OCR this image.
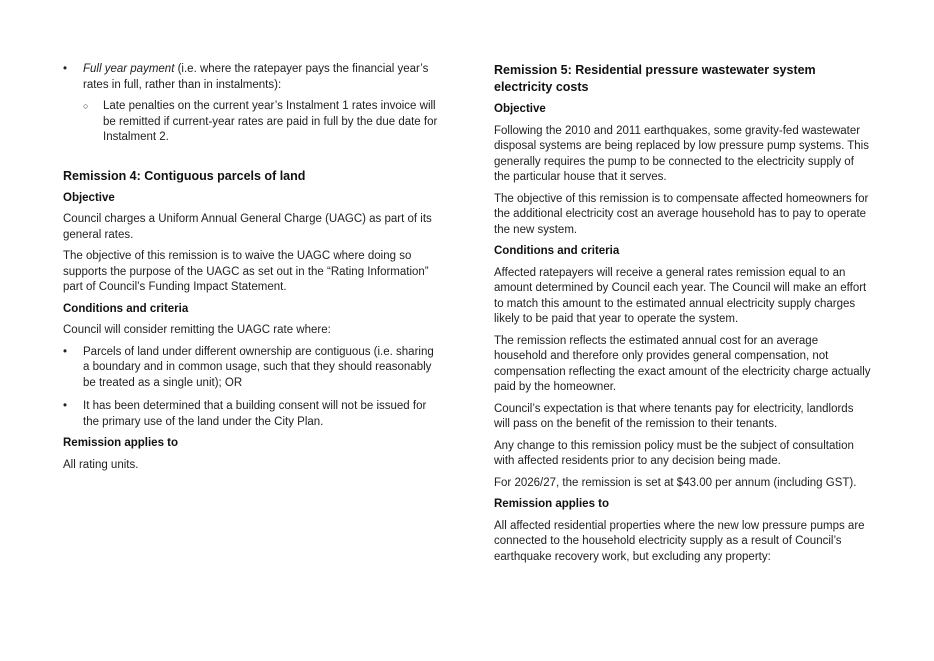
• Full year payment (i.e. where the ratepayer pays the financial year’s rates in full, rather than in instalments):
○ Late penalties on the current year’s Instalment 1 rates invoice will be remitted if current-year rates are paid in full by the due date for Instalment 2.
Remission 4: Contiguous parcels of land
Objective

Council charges a Uniform Annual General Charge (UAGC) as part of its general rates.

The objective of this remission is to waive the UAGC where doing so supports the purpose of the UAGC as set out in the “Rating Information” part of Council’s Funding Impact Statement.

Conditions and criteria

Council will consider remitting the UAGC rate where:

• Parcels of land under different ownership are contiguous (i.e. sharing a boundary and in common usage, such that they should reasonably be treated as a single unit); OR
• It has been determined that a building consent will not be issued for the primary use of the land under the City Plan.
Remission applies to

All rating units.

Remission 5: Residential pressure wastewater system electricity costs
Objective

Following the 2010 and 2011 earthquakes, some gravity-fed wastewater disposal systems are being replaced by low pressure pump systems. This generally requires the pump to be connected to the electricity supply of the particular house that it serves.

The objective of this remission is to compensate affected homeowners for the additional electricity cost an average household has to pay to operate the new system.

Conditions and criteria

Affected ratepayers will receive a general rates remission equal to an amount determined by Council each year. The Council will make an effort to match this amount to the estimated annual electricity supply charges likely to be paid that year to operate the system.

The remission reflects the estimated annual cost for an average household and therefore only provides general compensation, not compensation reflecting the exact amount of the electricity charge actually paid by the homeowner.

Council’s expectation is that where tenants pay for electricity, landlords will pass on the benefit of the remission to their tenants.

Any change to this remission policy must be the subject of consultation with affected residents prior to any decision being made.

For 2026/27, the remission is set at $43.00 per annum (including GST).

Remission applies to

All affected residential properties where the new low pressure pumps are connected to the household electricity supply as a result of Council’s earthquake recovery work, but excluding any property:
